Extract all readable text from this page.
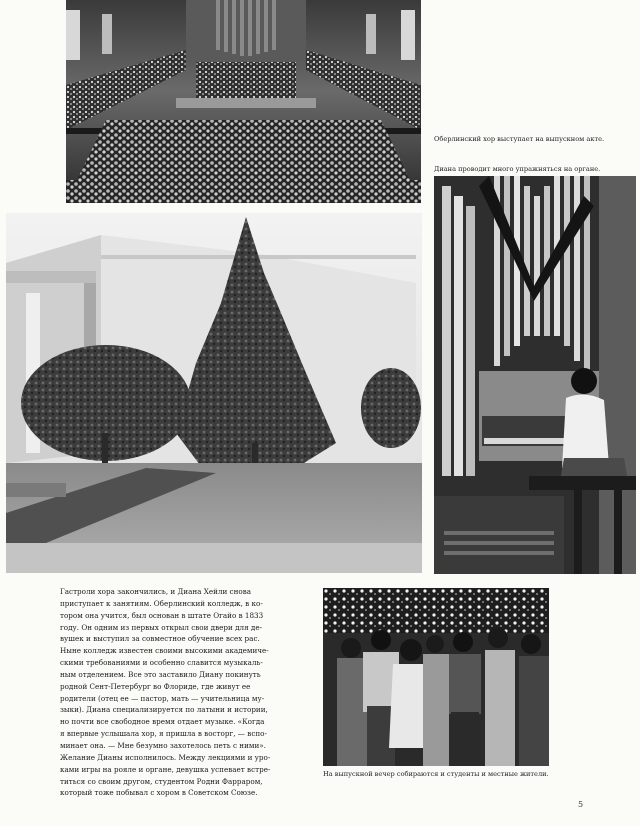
Оберлинский хор выступает на выпускном акте.
Диана проводит много упражняться на органе.
Гастроли хора закончились, и Диана Хейли снова
приступает к занятиям. Оберлинский колледж, в ко-
тором она учится, был основан в штате Огайо в 1833
году. Он одним из первых открыл свои двери для де-
вушек и выступил за совместное обучение всех рас.
Ныне колледж известен своими высокими академиче-
скими требованиями и особенно славится музыкаль-
ным отделением. Все это заставило Диану покинуть
родной Сент-Петербург во Флориде, где живут ее
родители (отец ее — пастор, мать — учительница му-
зыки). Диана специализируется по латыни и истории,
но почти все свободное время отдает музыке. «Когда
я впервые услышала хор, я пришла в восторг, — вспо-
минает она. — Мне безумно захотелось петь с ними».
Желание Дианы исполнилось. Между лекциями и уро-
ками игры на рояле и органе, девушка успевает встре-
титься со своим другом, студентом Родни Фарраром,
который тоже побывал с хором в Советском Союзе.
На выпускной вечер собираются и студенты и местные жители.
5
